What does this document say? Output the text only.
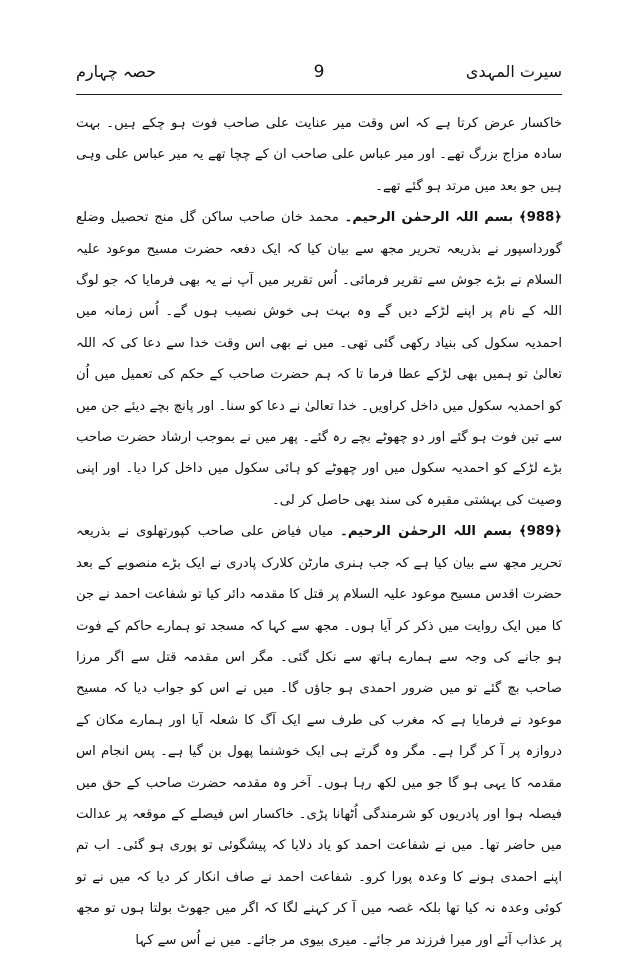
سیرت المہدی
9
حصہ چہارم

خاکسار عرض کرتا ہے کہ اس وقت میر عنایت علی صاحب فوت ہو چکے ہیں۔ بہت سادہ مزاج بزرگ تھے۔ اور میر عباس علی صاحب ان کے چچا تھے یہ میر عباس علی وہی ہیں جو بعد میں مرتد ہو گئے تھے۔

﴿988﴾ بسم اللہ الرحمٰن الرحیم۔ محمد خان صاحب ساکن گل منج تحصیل وضلع گورداسپور نے بذریعہ تحریر مجھ سے بیان کیا کہ ایک دفعہ حضرت مسیح موعود علیہ السلام نے بڑے جوش سے تقریر فرمائی۔ اُس تقریر میں آپ نے یہ بھی فرمایا کہ جو لوگ اللہ کے نام پر اپنے لڑکے دیں گے وہ بہت ہی خوش نصیب ہوں گے۔ اُس زمانہ میں احمدیہ سکول کی بنیاد رکھی گئی تھی۔ میں نے بھی اس وقت خدا سے دعا کی کہ اللہ تعالیٰ تو ہمیں بھی لڑکے عطا فرما تا کہ ہم حضرت صاحب کے حکم کی تعمیل میں اُن کو احمدیہ سکول میں داخل کراویں۔ خدا تعالیٰ نے دعا کو سنا۔ اور پانچ بچے دیئے جن میں سے تین فوت ہو گئے اور دو چھوٹے بچے رہ گئے۔ پھر میں نے بموجب ارشاد حضرت صاحب بڑے لڑکے کو احمدیہ سکول میں اور چھوٹے کو ہائی سکول میں داخل کرا دیا۔ اور اپنی وصیت کی بہشتی مقبرہ کی سند بھی حاصل کر لی۔

﴿989﴾ بسم اللہ الرحمٰن الرحیم۔ میاں فیاض علی صاحب کپورتھلوی نے بذریعہ تحریر مجھ سے بیان کیا ہے کہ جب ہنری مارٹن کلارک پادری نے ایک بڑے منصوبے کے بعد حضرت اقدس مسیح موعود علیہ السلام پر قتل کا مقدمہ دائر کیا تو شفاعت احمد نے جن کا میں ایک روایت میں ذکر کر آیا ہوں۔ مجھ سے کہا کہ مسجد تو ہمارے حاکم کے فوت ہو جانے کی وجہ سے ہمارے ہاتھ سے نکل گئی۔ مگر اس مقدمہ قتل سے اگر مرزا صاحب بچ گئے تو میں ضرور احمدی ہو جاؤں گا۔ میں نے اس کو جواب دیا کہ مسیح موعود نے فرمایا ہے کہ مغرب کی طرف سے ایک آگ کا شعلہ آیا اور ہمارے مکان کے دروازہ پر آ کر گرا ہے۔ مگر وہ گرتے ہی ایک خوشنما پھول بن گیا ہے۔ پس انجام اس مقدمہ کا یہی ہو گا جو میں لکھ رہا ہوں۔ آخر وہ مقدمہ حضرت صاحب کے حق میں فیصلہ ہوا اور پادریوں کو شرمندگی اُٹھانا پڑی۔ خاکسار اس فیصلے کے موقعہ پر عدالت میں حاضر تھا۔ میں نے شفاعت احمد کو یاد دلایا کہ پیشگوئی تو پوری ہو گئی۔ اب تم اپنے احمدی ہونے کا وعدہ پورا کرو۔ شفاعت احمد نے صاف انکار کر دیا کہ میں نے تو کوئی وعدہ نہ کیا تھا بلکہ غصہ میں آ کر کہنے لگا کہ اگر میں جھوٹ بولتا ہوں تو مجھ پر عذاب آئے اور میرا فرزند مر جائے۔ میری بیوی مر جائے۔ میں نے اُس سے کہا
